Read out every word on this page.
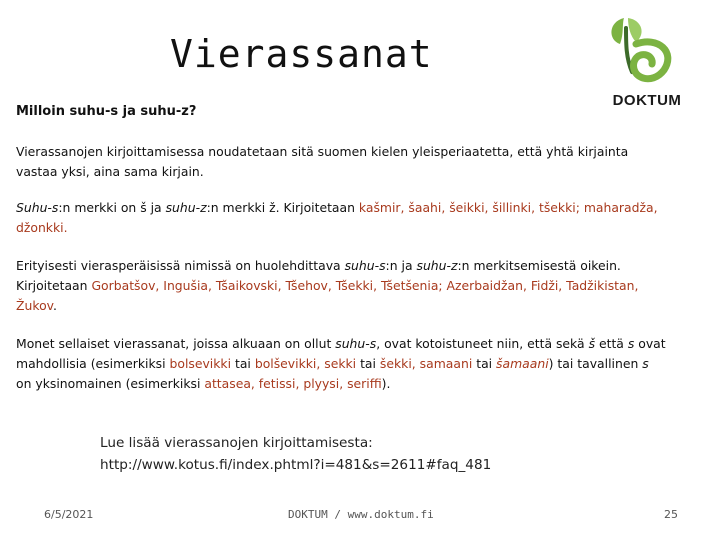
Vierassanat
DOKTUM
Milloin suhu-s ja suhu-z?
Vierassanojen kirjoittamisessa noudatetaan sitä suomen kielen yleisperiaatetta, että yhtä kirjainta vastaa yksi, aina sama kirjain.
Suhu-s:n merkki on š ja suhu-z:n merkki ž. Kirjoitetaan kašmir, šaahi, šeikki, šillinki, tšekki; maharadža, džonkki.
Erityisesti vierasperäisissä nimissä on huolehdittava suhu-s:n ja suhu-z:n merkitsemisestä oikein. Kirjoitetaan Gorbatšov, Ingušia, Tšaikovski, Tšehov, Tšekki, Tšetšenia; Azerbaidžan, Fidži, Tadžikistan, Žukov.
Monet sellaiset vierassanat, joissa alkuaan on ollut suhu-s, ovat kotoistuneet niin, että sekä š että s ovat mahdollisia (esimerkiksi bolsevikki tai bolševikki, sekki tai šekki, samaani tai šamaani) tai tavallinen s on yksinomainen (esimerkiksi attasea, fetissi, plyysi, seriffi).
Lue lisää vierassanojen kirjoittamisesta:
http://www.kotus.fi/index.phtml?i=481&s=2611#faq_481
6/5/2021	DOKTUM / www.doktum.fi	25
